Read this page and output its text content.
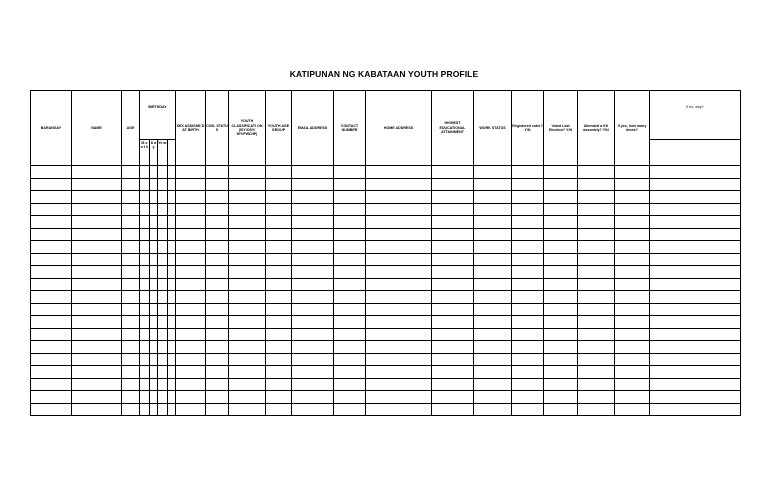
KATIPUNAN NG KABATAAN YOUTH PROFILE
BARANGAY	NAME	AGE	BIRTHDAY				SEX ASSIGNE D AT BIRTH	CIVIL STATU S	YOUTH CLASSIFICATI ON (ISY/OSY/ WY/PWD/IP)	YOUTH AGE GROUP	EMAIL ADDRESS	CONTACT NUMBER	HOME ADDRESS	HIGHEST EDUCATIONAL ATTAINMENT	WORK STATUS	Registered voter? Y/N	Voted Last Election? Y/N	Attended a KK assembly? Y/N	If yes, how many times?	If no, why?
			M o n t h	D a y	Ye ar															
